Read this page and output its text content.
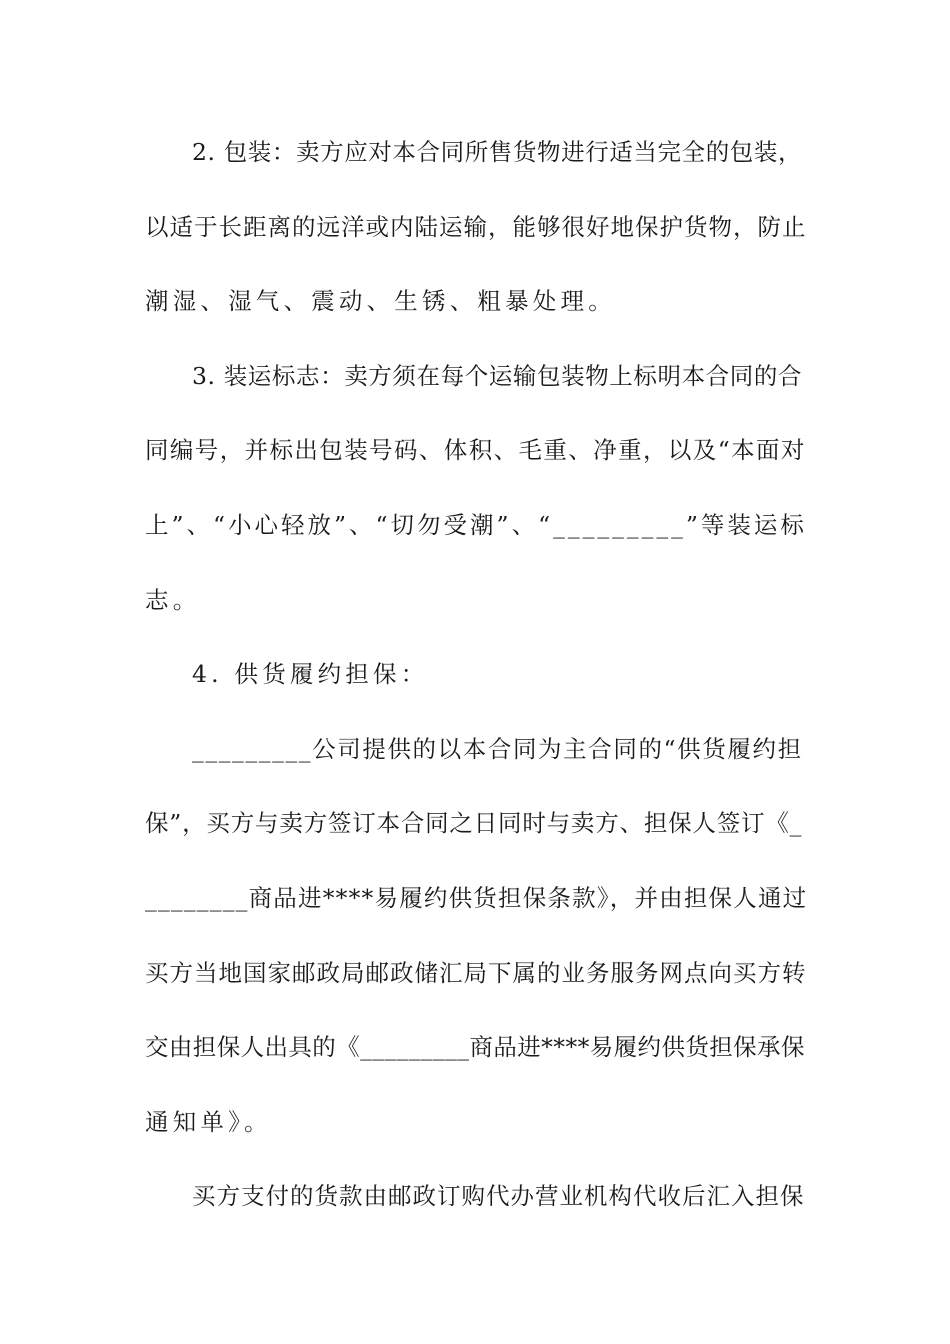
2. 包装：卖方应对本合同所售货物进行适当完全的包装，
以适于长距离的远洋或内陆运输，能够很好地保护货物，防止
潮湿、湿气、震动、生锈、粗暴处理。
3. 装运标志：卖方须在每个运输包装物上标明本合同的合
同编号，并标出包装号码、体积、毛重、净重，以及“本面对
上”、“小心轻放”、“切勿受潮”、“_________”等装运标
志。
4. 供货履约担保：
_________公司提供的以本合同为主合同的“供货履约担
保”，买方与卖方签订本合同之日同时与卖方、担保人签订《_
________商品进****易履约供货担保条款》，并由担保人通过
买方当地国家邮政局邮政储汇局下属的业务服务网点向买方转
交由担保人出具的《_________商品进****易履约供货担保承保
通知单》。
买方支付的货款由邮政订购代办营业机构代收后汇入担保
